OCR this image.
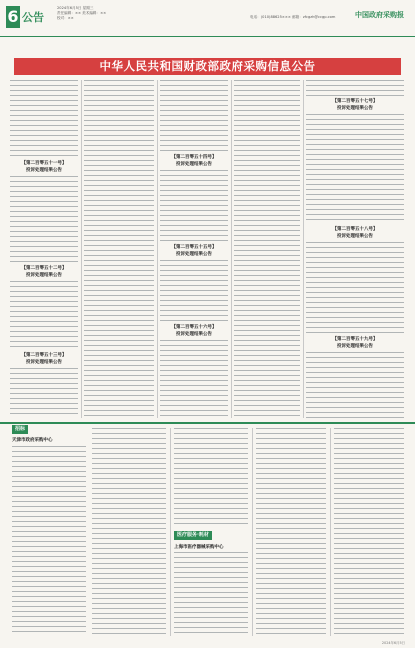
6 公告
2024年6月5日 星期三
责任编辑：×× 美术编辑：××
校对：××	电话：(010)88625××× 邮箱：zfcgzh@ccgp.com	中国政府采购报
中华人民共和国财政部政府采购信息公告
【第二百零五十一号】
投诉处理结果公告
【第二百零五十二号】
投诉处理结果公告
【第二百零五十三号】
投诉处理结果公告
【第二百零五十四号】
投诉处理结果公告
【第二百零五十五号】
投诉处理结果公告
【第二百零五十六号】
投诉处理结果公告
【第二百零五十七号】
投诉处理结果公告
【第二百零五十八号】
投诉处理结果公告
【第二百零五十九号】
投诉处理结果公告
招标
天津市政府采购中心
医疗服务·耗材
上海市医疗器械采购中心
2024年6月5日
